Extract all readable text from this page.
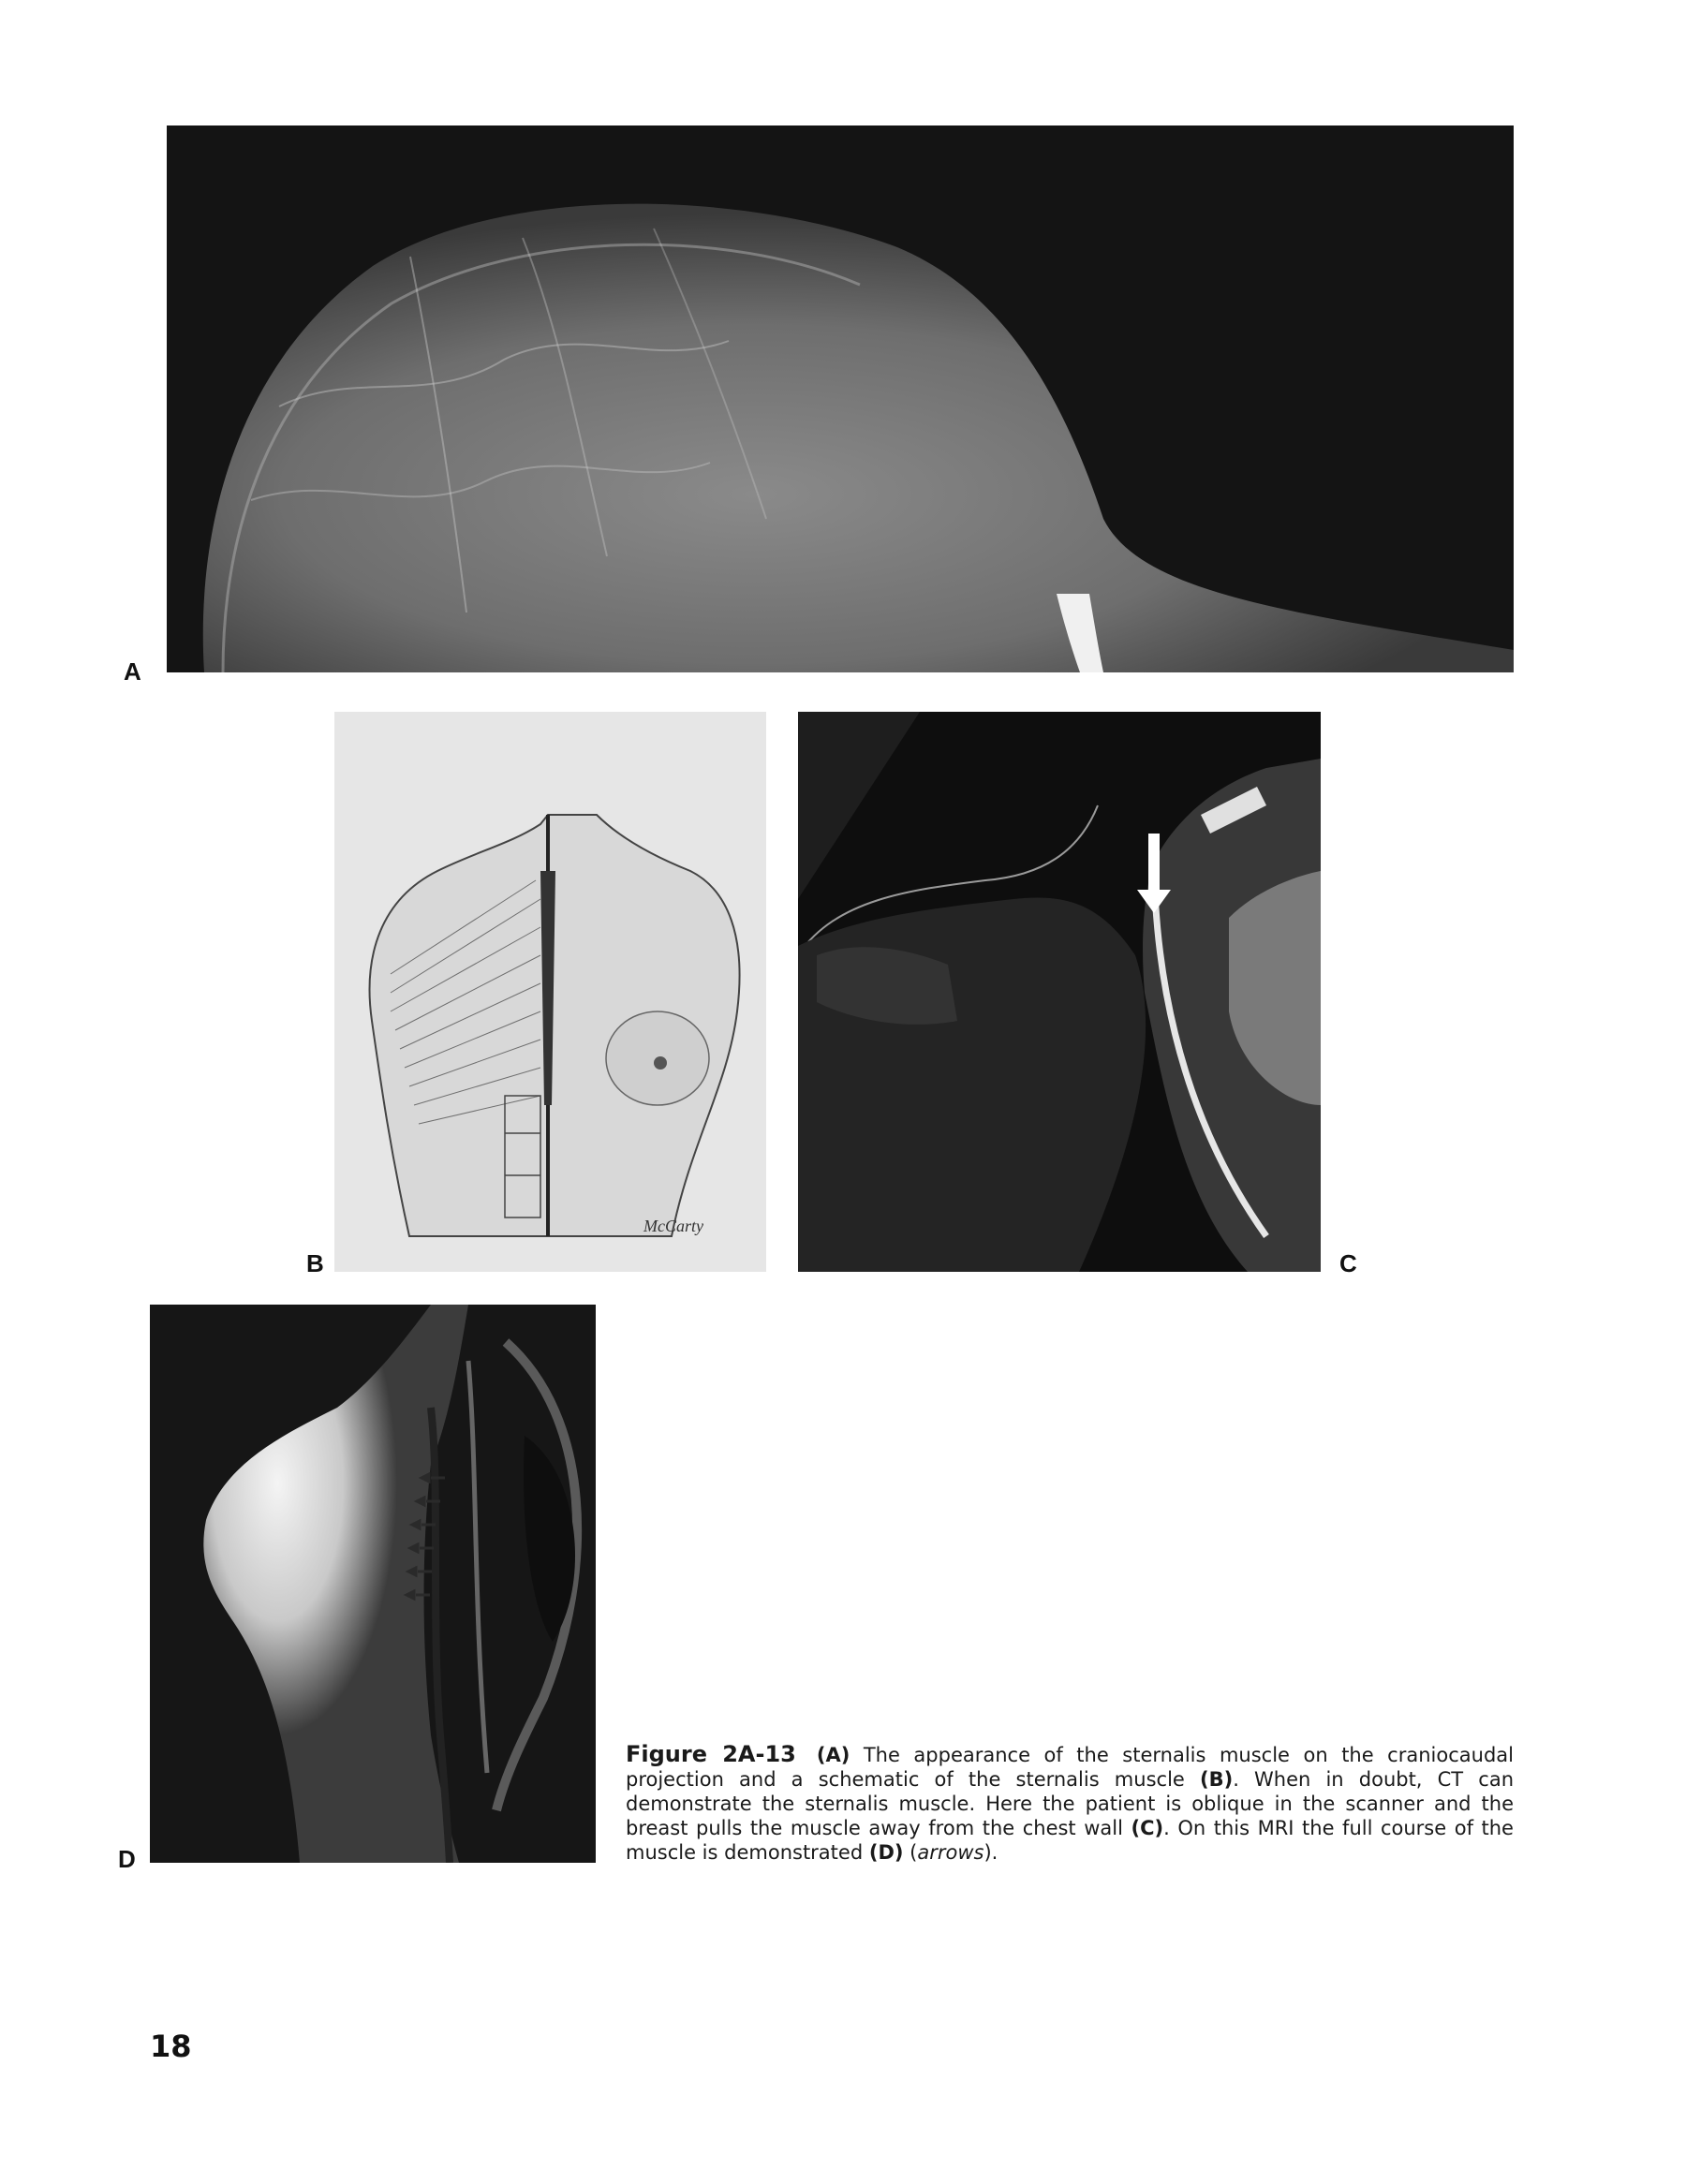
A
McCarty
B	C
D
Figure 2A-13 (A) The appearance of the sternalis muscle on the craniocaudal projection and a schematic of the sternalis muscle (B). When in doubt, CT can demonstrate the sternalis muscle. Here the patient is oblique in the scanner and the breast pulls the muscle away from the chest wall (C). On this MRI the full course of the muscle is demonstrated (D) (arrows).
18
